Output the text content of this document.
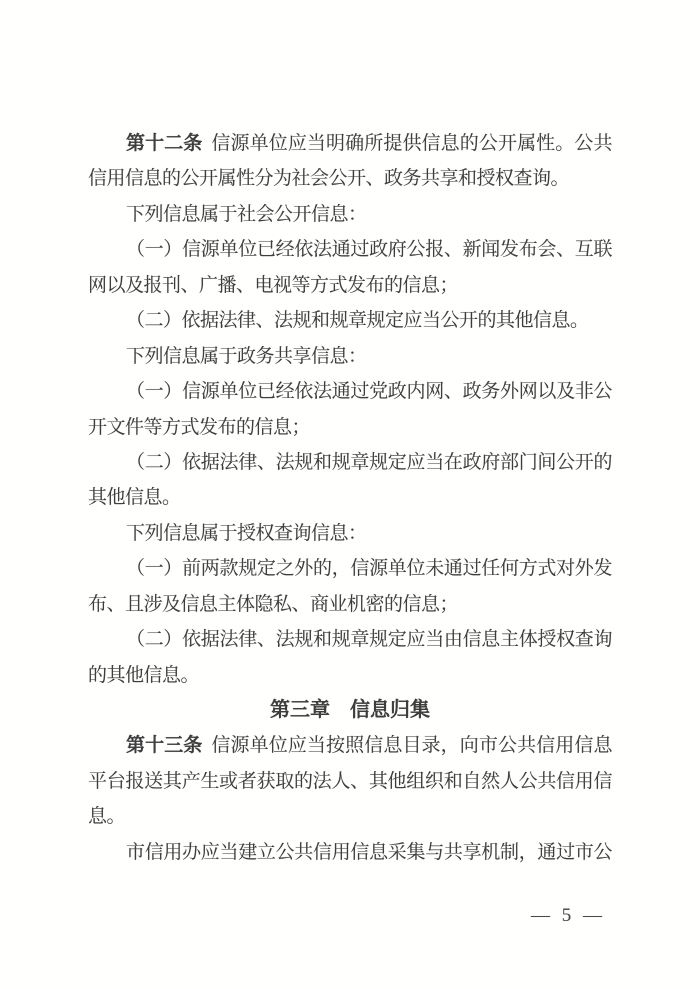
第十二条 信源单位应当明确所提供信息的公开属性。公共
信用信息的公开属性分为社会公开、政务共享和授权查询。
下列信息属于社会公开信息：
（一）信源单位已经依法通过政府公报、新闻发布会、互联
网以及报刊、广播、电视等方式发布的信息；
（二）依据法律、法规和规章规定应当公开的其他信息。
下列信息属于政务共享信息：
（一）信源单位已经依法通过党政内网、政务外网以及非公
开文件等方式发布的信息；
（二）依据法律、法规和规章规定应当在政府部门间公开的
其他信息。
下列信息属于授权查询信息：
（一）前两款规定之外的，信源单位未通过任何方式对外发
布、且涉及信息主体隐私、商业机密的信息；
（二）依据法律、法规和规章规定应当由信息主体授权查询
的其他信息。
第三章　信息归集
第十三条 信源单位应当按照信息目录，向市公共信用信息
平台报送其产生或者获取的法人、其他组织和自然人公共信用信
息。
市信用办应当建立公共信用信息采集与共享机制，通过市公
— 5 —
